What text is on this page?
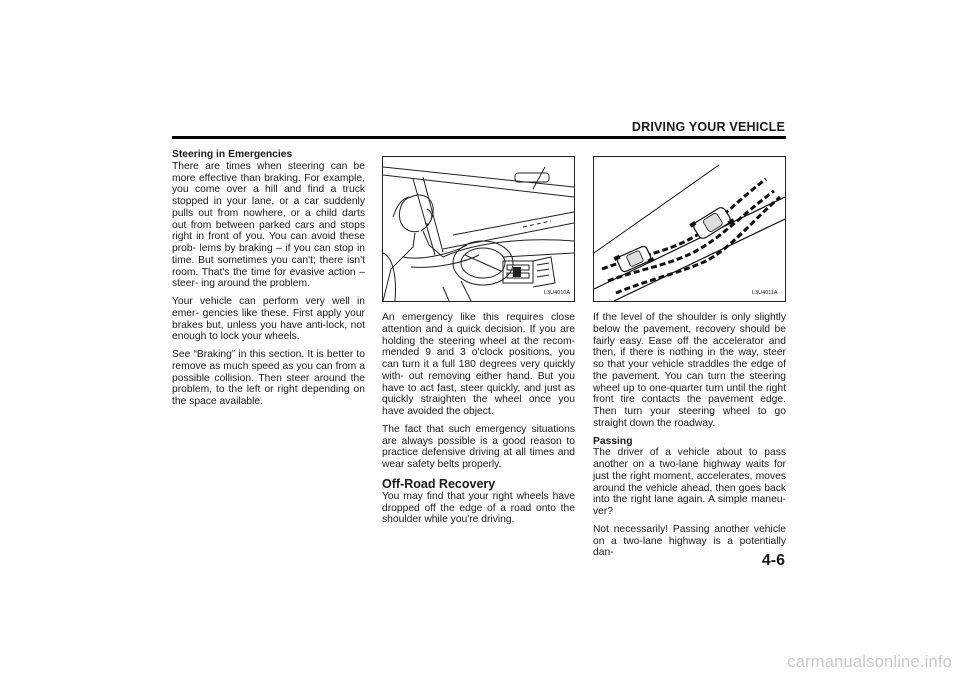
DRIVING YOUR VEHICLE

Steering in Emergencies
There are times when steering can be more effective than braking. For example, you come over a hill and find a truck stopped in your lane, or a car suddenly pulls out from nowhere, or a child darts out from between parked cars and stops right in front of you. You can avoid these prob- lems by braking – if you can stop in time. But sometimes you can't; there isn't room. That's the time for evasive action – steer- ing around the problem.

Your vehicle can perform very well in emer- gencies like these. First apply your brakes but, unless you have anti-lock, not enough to lock your wheels.

See “Braking” in this section. It is better to remove as much speed as you can from a possible collision. Then steer around the problem, to the left or right depending on the space available.

L3U4010A	L3U4011A

An emergency like this requires close attention and a quick decision. If you are holding the steering wheel at the recom- mended 9 and 3 o'clock positions, you can turn it a full 180 degrees very quickly with- out removing either hand. But you have to act fast, steer quickly, and just as quickly straighten the wheel once you have avoided the object.

The fact that such emergency situations are always possible is a good reason to practice defensive driving at all times and wear safety belts properly.

Off-Road Recovery
You may find that your right wheels have dropped off the edge of a road onto the shoulder while you're driving.

If the level of the shoulder is only slightly below the pavement, recovery should be fairly easy. Ease off the accelerator and then, if there is nothing in the way, steer so that your vehicle straddles the edge of the pavement. You can turn the steering wheel up to one-quarter turn until the right front tire contacts the pavement edge. Then turn your steering wheel to go straight down the roadway.

Passing
The driver of a vehicle about to pass another on a two-lane highway waits for just the right moment, accelerates, moves around the vehicle ahead, then goes back into the right lane again. A simple maneu- ver?

Not necessarily! Passing another vehicle on a two-lane highway is a potentially dan-	4-6
carmanualsonline.info
